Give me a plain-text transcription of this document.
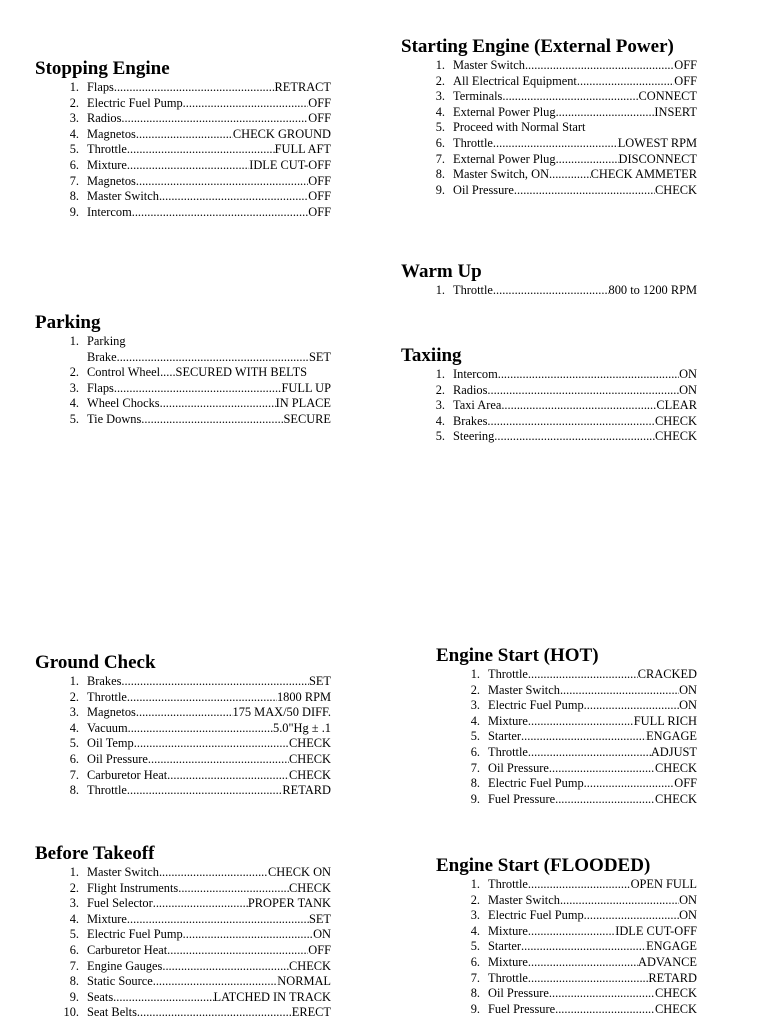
Stopping Engine
1. Flaps .....	RETRACT
2. Electric Fuel Pump .....	OFF
3. Radios .....	OFF
4. Magnetos .....	CHECK GROUND
5. Throttle .....	FULL AFT
6. Mixture .....	IDLE CUT-OFF
7. Magnetos .....	OFF
8. Master Switch .....	OFF
9. Intercom .....	OFF
Starting Engine (External Power)
1. Master Switch .....	OFF
2. All Electrical Equipment .....	OFF
3. Terminals .....	CONNECT
4. External Power Plug .....	INSERT
5. Proceed with Normal Start
6. Throttle .....	LOWEST RPM
7. External Power Plug .....	DISCONNECT
8. Master Switch, ON .....	CHECK AMMETER
9. Oil Pressure .....	CHECK
Warm Up
1. Throttle .....	800 to 1200 RPM
Parking
1. Parking
Brake .....	SET
2. Control Wheel.....SECURED WITH BELTS
3. Flaps .....	FULL UP
4. Wheel Chocks .....	IN PLACE
5. Tie Downs .....	SECURE
Taxiing
1. Intercom .....	ON
2. Radios .....	ON
3. Taxi Area .....	CLEAR
4. Brakes .....	CHECK
5. Steering .....	CHECK
Ground Check
1. Brakes .....	SET
2. Throttle .....	1800 RPM
3. Magnetos .....	175 MAX/50 DIFF.
4. Vacuum .....	5.0"Hg ± .1
5. Oil Temp .....	CHECK
6. Oil Pressure .....	CHECK
7. Carburetor Heat .....	CHECK
8. Throttle .....	RETARD
Engine Start (HOT)
1. Throttle .....	CRACKED
2. Master Switch .....	ON
3. Electric Fuel Pump .....	ON
4. Mixture .....	FULL RICH
5. Starter .....	ENGAGE
6. Throttle .....	ADJUST
7. Oil Pressure .....	CHECK
8. Electric Fuel Pump .....	OFF
9. Fuel Pressure .....	CHECK
Before Takeoff
1. Master Switch .....	CHECK ON
2. Flight Instruments .....	CHECK
3. Fuel Selector .....	PROPER TANK
4. Mixture .....	SET
5. Electric Fuel Pump .....	ON
6. Carburetor Heat .....	OFF
7. Engine Gauges .....	CHECK
8. Static Source .....	NORMAL
9. Seats .....	LATCHED IN TRACK
10. Seat Belts .....	ERECT
Engine Start (FLOODED)
1. Throttle .....	OPEN FULL
2. Master Switch .....	ON
3. Electric Fuel Pump .....	ON
4. Mixture .....	IDLE CUT-OFF
5. Starter .....	ENGAGE
6. Mixture .....	ADVANCE
7. Throttle .....	RETARD
8. Oil Pressure .....	CHECK
9. Fuel Pressure .....	CHECK
